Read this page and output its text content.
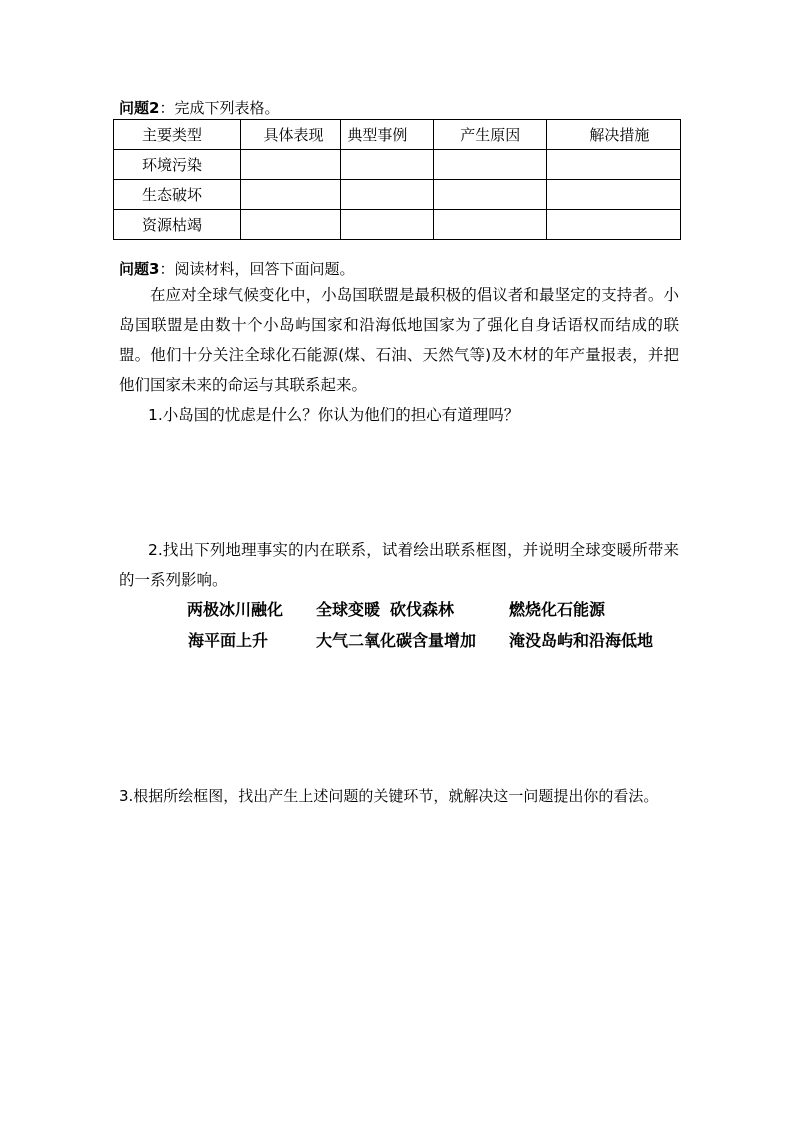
问题2：完成下列表格。
主要类型	具体表现	典型事例	产生原因	解决措施
环境污染				
生态破坏				
资源枯竭				
问题3：阅读材料，回答下面问题。

在应对全球气候变化中，小岛国联盟是最积极的倡议者和最坚定的支持者。小岛国联盟是由数十个小岛屿国家和沿海低地国家为了强化自身话语权而结成的联盟。他们十分关注全球化石能源(煤、石油、天然气等)及木材的年产量报表，并把他们国家未来的命运与其联系起来。

1.小岛国的忧虑是什么？你认为他们的担心有道理吗？

2.找出下列地理事实的内在联系，试着绘出联系框图，并说明全球变暖所带来的一系列影响。

两极冰川融化 全球变暖 砍伐森林	燃烧化石能源
海平面上升	大气二氧化碳含量增加 淹没岛屿和沿海低地
3.根据所绘框图，找出产生上述问题的关键环节，就解决这一问题提出你的看法。
